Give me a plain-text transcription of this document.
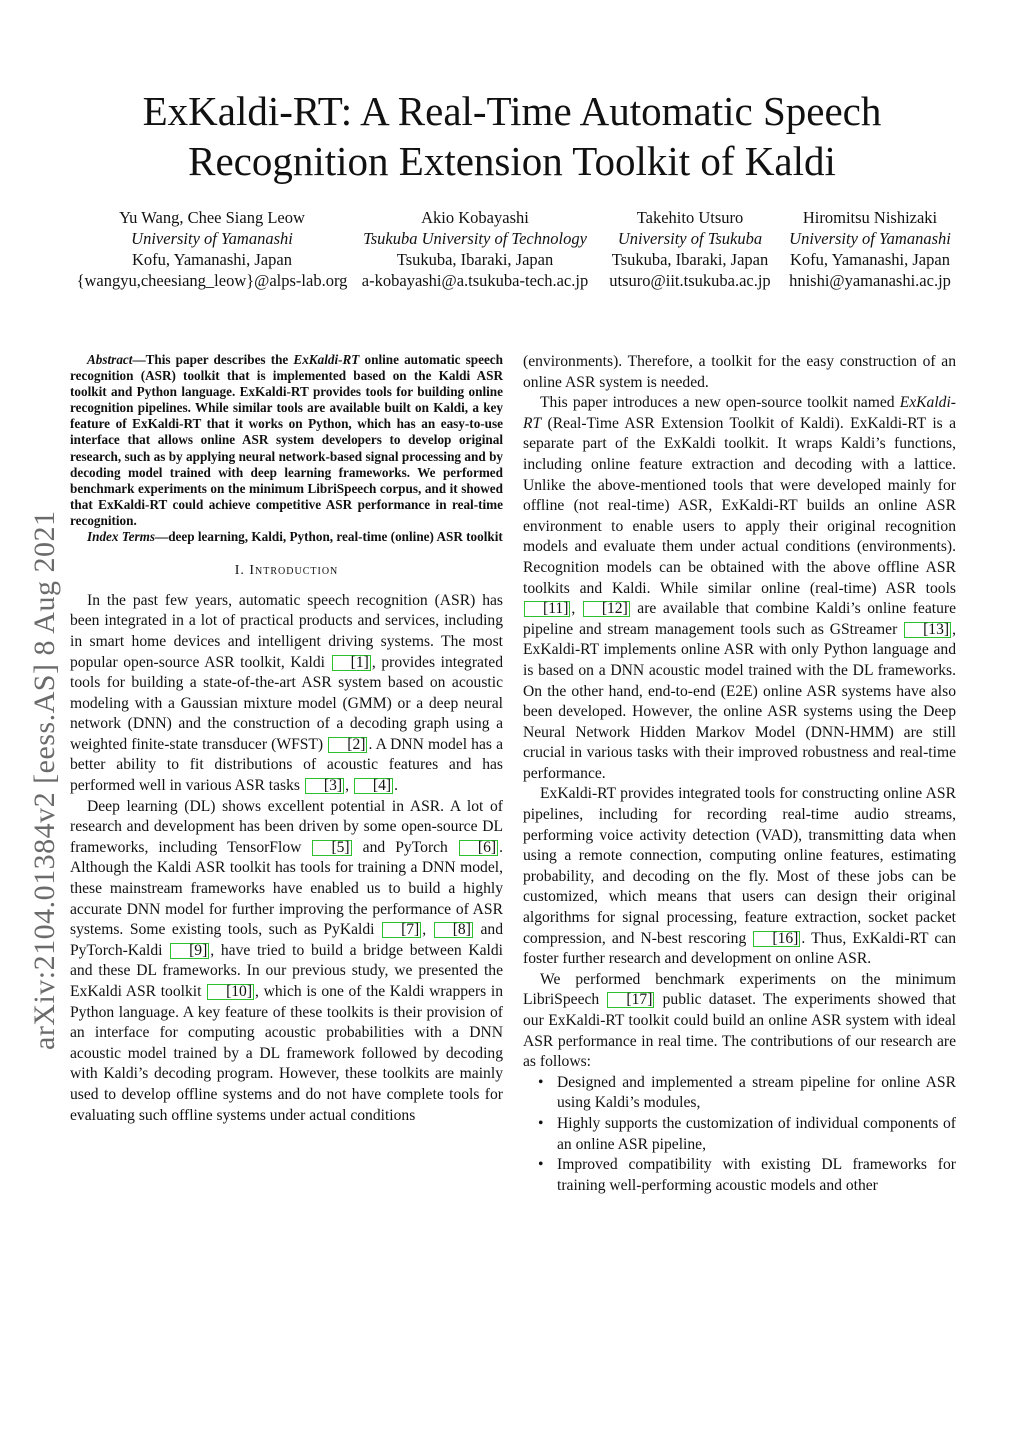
arXiv:2104.01384v2 [eess.AS] 8 Aug 2021
ExKaldi-RT: A Real-Time Automatic Speech
Recognition Extension Toolkit of Kaldi
Yu Wang, Chee Siang Leow
University of Yamanashi
Kofu, Yamanashi, Japan
{wangyu,cheesiang_leow}@alps-lab.org
Akio Kobayashi
Tsukuba University of Technology
Tsukuba, Ibaraki, Japan
a-kobayashi@a.tsukuba-tech.ac.jp
Takehito Utsuro
University of Tsukuba
Tsukuba, Ibaraki, Japan
utsuro@iit.tsukuba.ac.jp
Hiromitsu Nishizaki
University of Yamanashi
Kofu, Yamanashi, Japan
hnishi@yamanashi.ac.jp

Abstract—This paper describes the ExKaldi-RT online automatic speech recognition (ASR) toolkit that is implemented based on the Kaldi ASR toolkit and Python language. ExKaldi-RT provides tools for building online recognition pipelines. While similar tools are available built on Kaldi, a key feature of ExKaldi-RT that it works on Python, which has an easy-to-use interface that allows online ASR system developers to develop original research, such as by applying neural network-based signal processing and by decoding model trained with deep learning frameworks. We performed benchmark experiments on the minimum LibriSpeech corpus, and it showed that ExKaldi-RT could achieve competitive ASR performance in real-time recognition.

Index Terms—deep learning, Kaldi, Python, real-time (online) ASR toolkit

I. Introduction

In the past few years, automatic speech recognition (ASR) has been integrated in a lot of practical products and services, including in smart home devices and intelligent driving systems. The most popular open-source ASR toolkit, Kaldi [1] , provides integrated tools for building a state-of-the-art ASR system based on acoustic modeling with a Gaussian mixture model (GMM) or a deep neural network (DNN) and the construction of a decoding graph using a weighted finite-state transducer (WFST) [2] . A DNN model has a better ability to fit distributions of acoustic features and has performed well in various ASR tasks [3] , [4] .

Deep learning (DL) shows excellent potential in ASR. A lot of research and development has been driven by some open-source DL frameworks, including TensorFlow [5] and PyTorch [6] . Although the Kaldi ASR toolkit has tools for training a DNN model, these mainstream frameworks have enabled us to build a highly accurate DNN model for further improving the performance of ASR systems. Some existing tools, such as PyKaldi [7] , [8] and PyTorch-Kaldi [9] , have tried to build a bridge between Kaldi and these DL frameworks. In our previous study, we presented the ExKaldi ASR toolkit [10] , which is one of the Kaldi wrappers in Python language. A key feature of these toolkits is their provision of an interface for computing acoustic probabilities with a DNN acoustic model trained by a DL framework followed by decoding with Kaldi’s decoding program. However, these toolkits are mainly used to develop offline systems and do not have complete tools for evaluating such offline systems under actual conditions

(environments). Therefore, a toolkit for the easy construction of an online ASR system is needed.

This paper introduces a new open-source toolkit named ExKaldi-RT (Real-Time ASR Extension Toolkit of Kaldi). ExKaldi-RT is a separate part of the ExKaldi toolkit. It wraps Kaldi’s functions, including online feature extraction and decoding with a lattice. Unlike the above-mentioned tools that were developed mainly for offline (not real-time) ASR, ExKaldi-RT builds an online ASR environment to enable users to apply their original recognition models and evaluate them under actual conditions (environments). Recognition models can be obtained with the above offline ASR toolkits and Kaldi. While similar online (real-time) ASR tools [11] , [12] are available that combine Kaldi’s online feature pipeline and stream management tools such as GStreamer [13] , ExKaldi-RT implements online ASR with only Python language and is based on a DNN acoustic model trained with the DL frameworks. On the other hand, end-to-end (E2E) online ASR systems have also been developed. However, the online ASR systems using the Deep Neural Network Hidden Markov Model (DNN-HMM) are still crucial in various tasks with their improved robustness and real-time performance.

ExKaldi-RT provides integrated tools for constructing online ASR pipelines, including for recording real-time audio streams, performing voice activity detection (VAD), transmitting data when using a remote connection, computing online features, estimating probability, and decoding on the fly. Most of these jobs can be customized, which means that users can design their original algorithms for signal processing, feature extraction, socket packet compression, and N-best rescoring [16] . Thus, ExKaldi-RT can foster further research and development on online ASR.

We performed benchmark experiments on the minimum LibriSpeech [17] public dataset. The experiments showed that our ExKaldi-RT toolkit could build an online ASR system with ideal ASR performance in real time. The contributions of our research are as follows:

• Designed and implemented a stream pipeline for online ASR using Kaldi’s modules,
• Highly supports the customization of individual components of an online ASR pipeline,
• Improved compatibility with existing DL frameworks for training well-performing acoustic models and other
